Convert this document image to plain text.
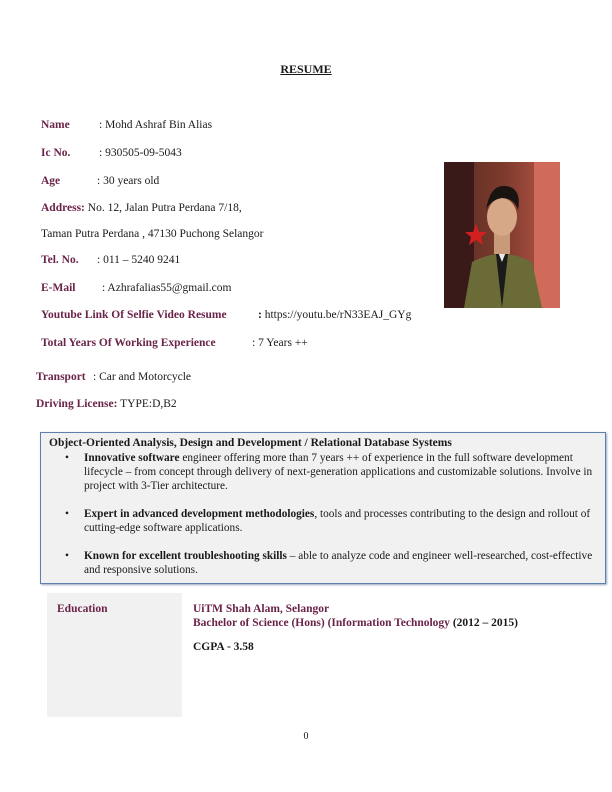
RESUME
Name	: Mohd Ashraf Bin Alias
Ic No. : 930505-09-5043
Age	: 30 years old
Address: No. 12, Jalan Putra Perdana 7/18,
Taman Putra Perdana , 47130 Puchong Selangor
Tel. No. : 011 – 5240 9241
E-Mail : Azhrafalias55@gmail.com
Youtube Link Of Selfie Video Resume	: https://youtu.be/rN33EAJ_GYg
Total Years Of Working Experience	: 7 Years ++
Transport : Car and Motorcycle
Driving License: TYPE:D,B2
Object-Oriented Analysis, Design and Development / Relational Database Systems
• Innovative software engineer offering more than 7 years ++ of experience in the full software development lifecycle – from concept through delivery of next-generation applications and customizable solutions. Involve in project with 3-Tier architecture.
• Expert in advanced development methodologies, tools and processes contributing to the design and rollout of cutting-edge software applications.
• Known for excellent troubleshooting skills – able to analyze code and engineer well-researched, cost-effective and responsive solutions.
Education	UiTM Shah Alam, Selangor
Bachelor of Science (Hons) (Information Technology (2012 – 2015)
CGPA - 3.58
0
